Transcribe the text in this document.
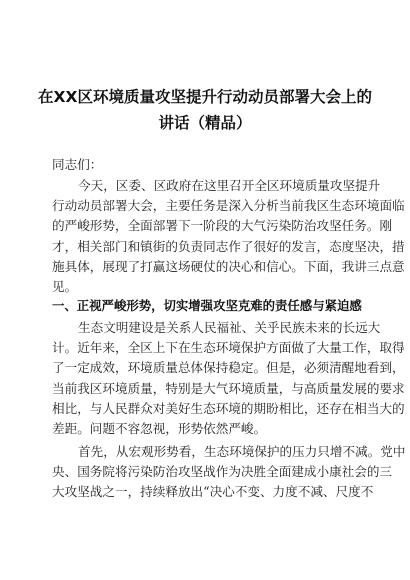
在XX区环境质量攻坚提升行动动员部署大会上的
讲话（精品）
同志们：
今天，区委、区政府在这里召开全区环境质量攻坚提升
行动动员部署大会，主要任务是深入分析当前我区生态环境面临
的严峻形势，全面部署下一阶段的大气污染防治攻坚任务。刚
才，相关部门和镇街的负责同志作了很好的发言，态度坚决，措
施具体，展现了打赢这场硬仗的决心和信心。下面，我讲三点意
见。
一、正视严峻形势，切实增强攻坚克难的责任感与紧迫感
生态文明建设是关系人民福祉、关乎民族未来的长远大
计。近年来，全区上下在生态环境保护方面做了大量工作，取得
了一定成效，环境质量总体保持稳定。但是，必须清醒地看到，
当前我区环境质量，特别是大气环境质量，与高质量发展的要求
相比，与人民群众对美好生态环境的期盼相比，还存在相当大的
差距。问题不容忽视，形势依然严峻。
首先，从宏观形势看，生态环境保护的压力只增不减。党中
央、国务院将污染防治攻坚战作为决胜全面建成小康社会的三
大攻坚战之一，持续释放出“决心不变、力度不减、尺度不
